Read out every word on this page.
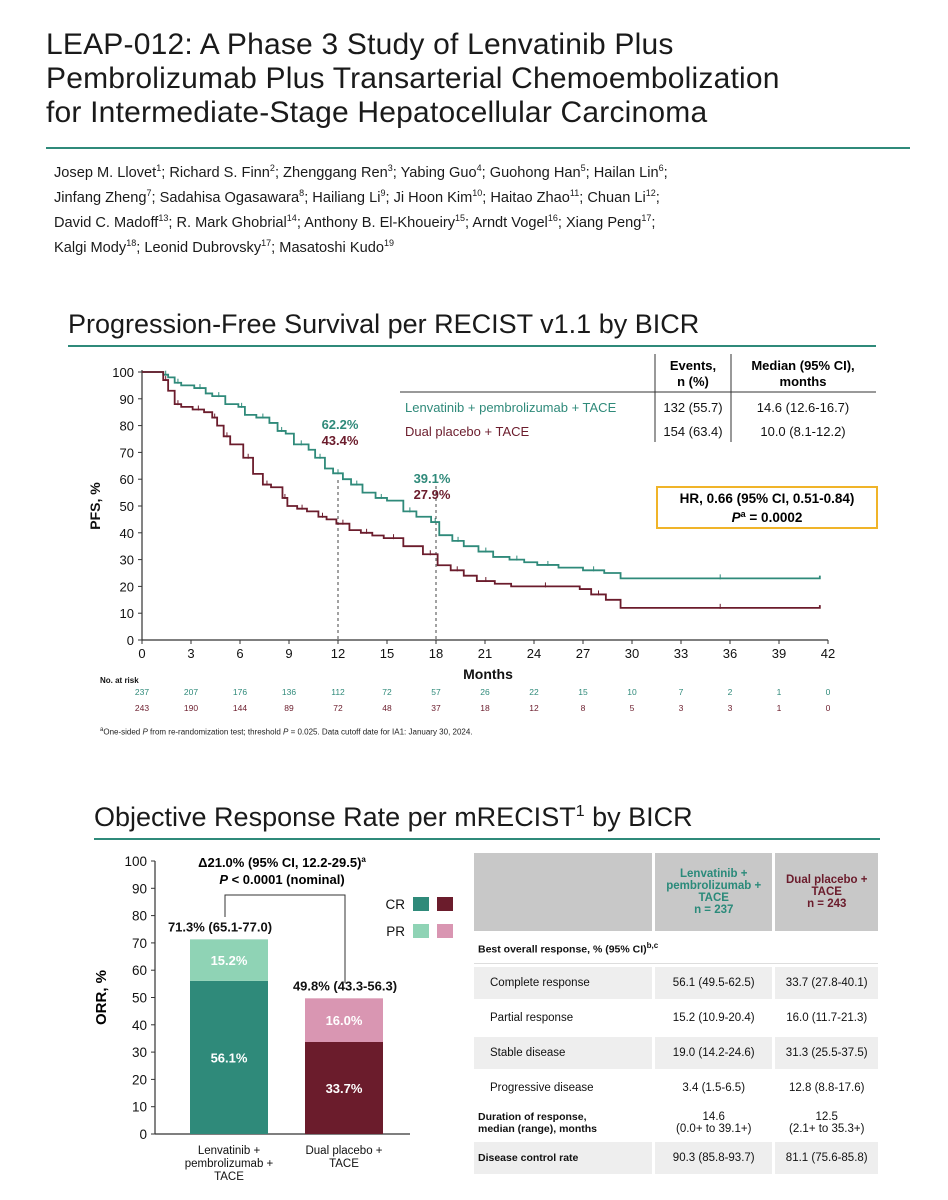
LEAP-012: A Phase 3 Study of Lenvatinib Plus
Pembrolizumab Plus Transarterial Chemoembolization
for Intermediate-Stage Hepatocellular Carcinoma
Josep M. Llovet$^1$; Richard S. Finn$^2$; Zhenggang Ren$^3$; Yabing Guo$^4$; Guohong Han$^5$; Hailan Lin$^6$;
Jinfang Zheng$^7$; Sadahisa Ogasawara$^8$; Hailiang Li$^9$; Ji Hoon Kim$^{10}$; Haitao Zhao$^{11}$; Chuan Li$^{12}$;
David C. Madoff$^{13}$; R. Mark Ghobrial$^{14}$; Anthony B. El-Khoueiry$^{15}$; Arndt Vogel$^{16}$; Xiang Peng$^{17}$;
Kalgi Mody$^{18}$; Leonid Dubrovsky$^{17}$; Masatoshi Kudo$^{19}$
Progression-Free Survival per RECIST v1.1 by BICR
0
10
20
30
40
50
60
70
80
90
100
0	3	6	9	12	15	18	21	24	27	30	33	36	39	42
Months
PFS, %
62.2%
43.4%
39.1%
27.9%
Events,
n (%)
Median (95% CI),
months
Lenvatinib + pembrolizumab + TACE	132 (55.7)	14.6 (12.6-16.7)
Dual placebo + TACE	154 (63.4)	10.0 (8.1-12.2)
HR, 0.66 (95% CI, 0.51-0.84)
$P^a = 0.0002$
No. at risk
237	207	176	136	112	72	57	26	22	15	10	7	2	1	0
243	190	144	89	72	48	37	18	12	8	5	3	3	1	0
$^a$One-sided P from re-randomization test; threshold P = 0.025. Data cutoff date for IA1: January 30, 2024.
Objective Response Rate per mRECIST$^1$ by BICR
0
10
20
30
40
50
60
70
80
90
100
ORR, %
56.1%
15.2%
71.3% (65.1-77.0)
Lenvatinib +
pembrolizumab +
TACE
33.7%
16.0%
49.8% (43.3-56.3)
Dual placebo +
TACE
Δ21.0% (95% CI, 12.2-29.5)$^a$
P < 0.0001 (nominal)
CR
PR
	Lenvatinib +
pembrolizumab +
TACE
n = 237	Dual placebo +
TACE
n = 243
Best overall response, % (95% CI)$^{b,c}$
Complete response	56.1 (49.5-62.5)	33.7 (27.8-40.1)
Partial response	15.2 (10.9-20.4)	16.0 (11.7-21.3)
Stable disease	19.0 (14.2-24.6)	31.3 (25.5-37.5)
Progressive disease	3.4 (1.5-6.5)	12.8 (8.8-17.6)
Duration of response,
median (range), months	14.6
(0.0+ to 39.1+)	12.5
(2.1+ to 35.3+)
Disease control rate	90.3 (85.8-93.7)	81.1 (75.6-85.8)
